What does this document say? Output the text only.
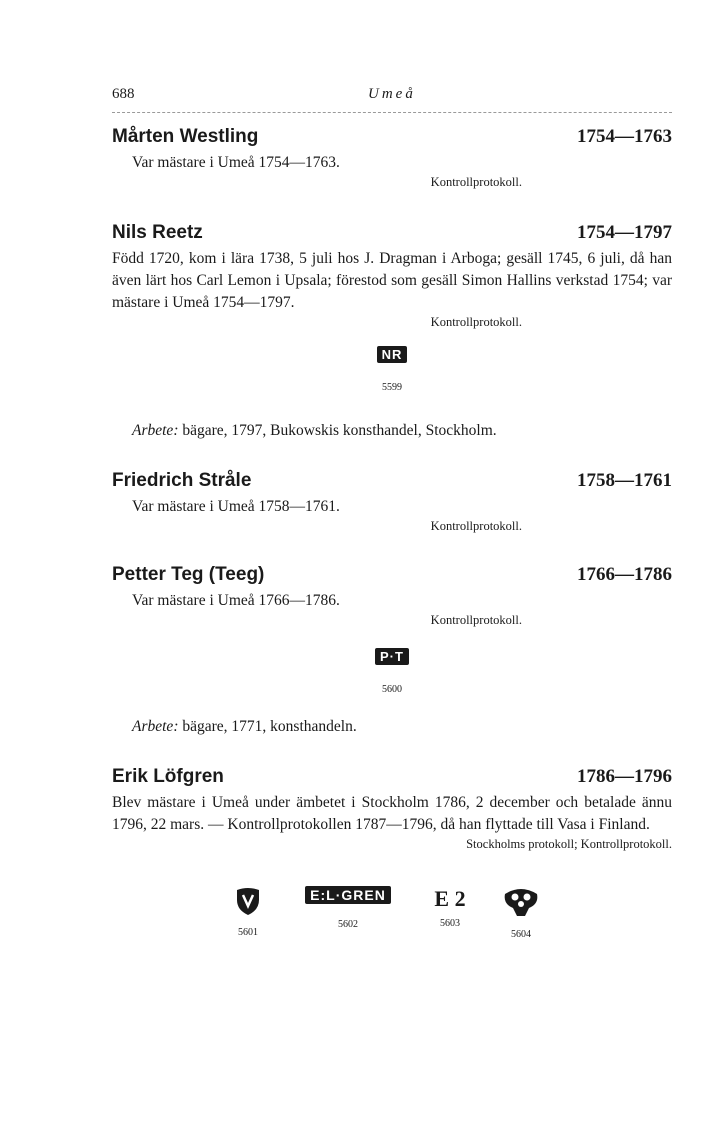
688	Umeå
Mårten Westling	1754—1763
Var mästare i Umeå 1754—1763.
Kontrollprotokoll.
Nils Reetz	1754—1797
Född 1720, kom i lära 1738, 5 juli hos J. Dragman i Arboga; gesäll 1745, 6 juli, då han även lärt hos Carl Lemon i Upsala; förestod som gesäll Simon Hallins verkstad 1754; var mästare i Umeå 1754—1797.
Kontrollprotokoll.
NR
5599
Arbete: bägare, 1797, Bukowskis konsthandel, Stockholm.
Friedrich Stråle	1758—1761
Var mästare i Umeå 1758—1761.
Kontrollprotokoll.
Petter Teg (Teeg)	1766—1786
Var mästare i Umeå 1766—1786.
Kontrollprotokoll.
P·T
5600
Arbete: bägare, 1771, konsthandeln.
Erik Löfgren	1786—1796
Blev mästare i Umeå under ämbetet i Stockholm 1786, 2 december och betalade ännu 1796, 22 mars. — Kontrollprotokollen 1787—1796, då han flyttade till Vasa i Finland.
Stockholms protokoll; Kontrollprotokoll.
5601
E:L·GREN
5602
E 2
5603
5604
